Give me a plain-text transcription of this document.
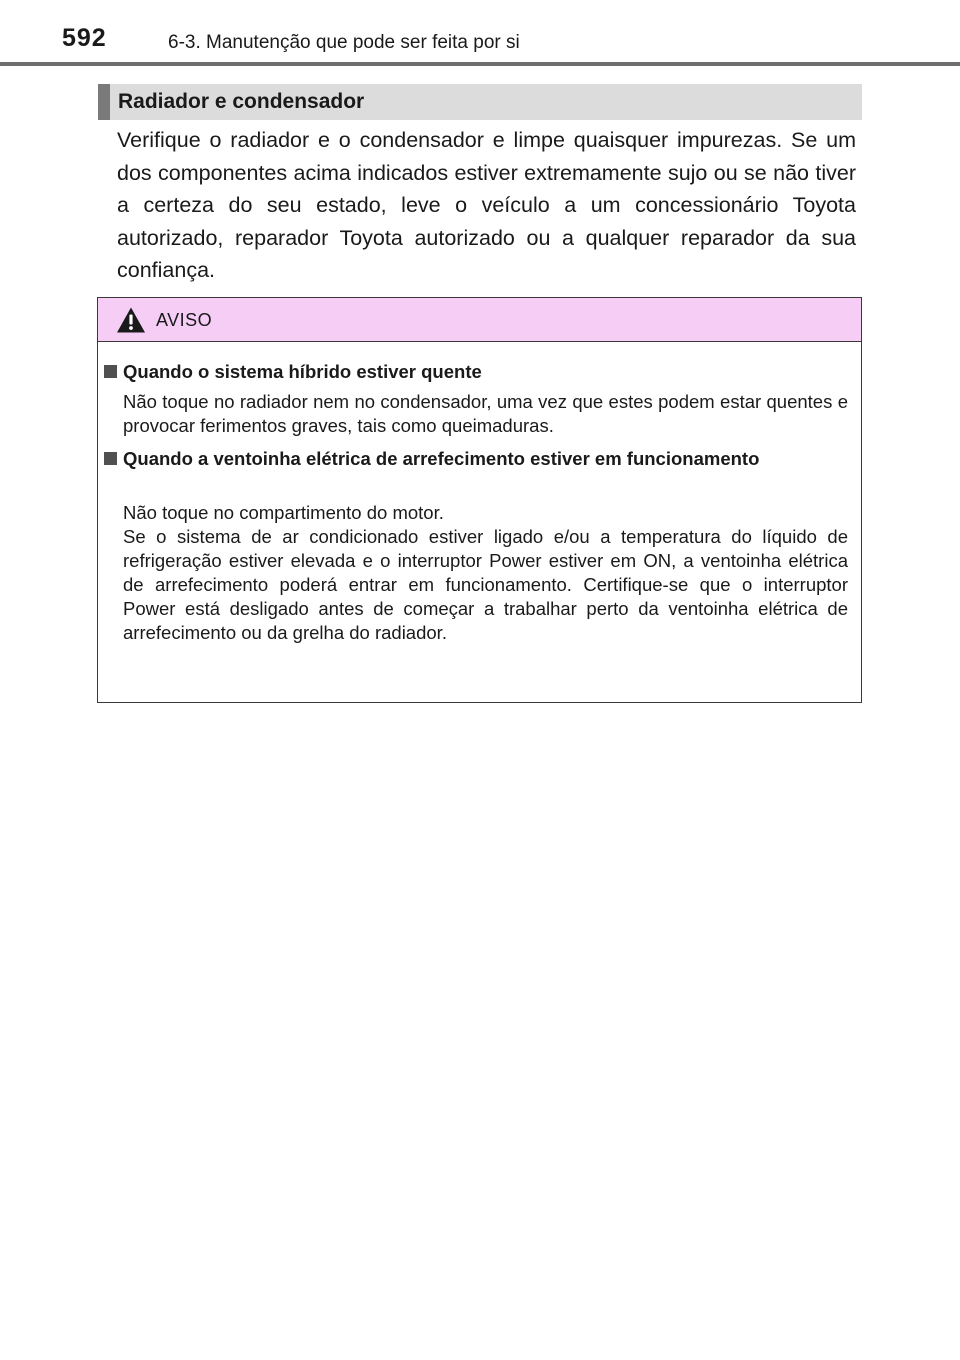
592	6-3. Manutenção que pode ser feita por si
Radiador e condensador
Verifique o radiador e o condensador e limpe quaisquer impurezas. Se um dos componentes acima indicados estiver extremamente sujo ou se não tiver a certeza do seu estado, leve o veículo a um concessionário Toyota autorizado, reparador Toyota autorizado ou a qualquer reparador da sua confiança.
AVISO
Quando o sistema híbrido estiver quente

Não toque no radiador nem no condensador, uma vez que estes podem estar quentes e provocar ferimentos graves, tais como queimaduras.

Quando a ventoinha elétrica de arrefecimento estiver em funcionamento

Não toque no compartimento do motor.

Se o sistema de ar condicionado estiver ligado e/ou a temperatura do líquido de refrigeração estiver elevada e o interruptor Power estiver em ON, a ventoinha elétrica de arrefecimento poderá entrar em funcionamento. Certifique-se que o interruptor Power está desligado antes de começar a trabalhar perto da ventoinha elétrica de arrefecimento ou da grelha do radiador.
